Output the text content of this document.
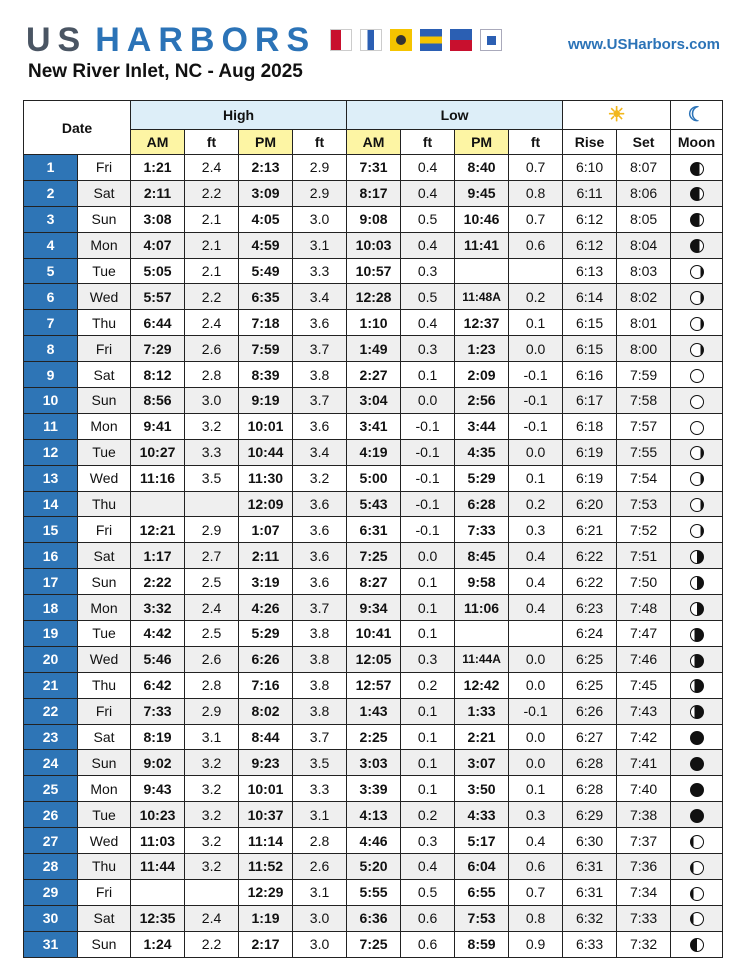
US HARBORS	www.USHarbors.com
New River Inlet, NC - Aug 2025
Date		High				Low				☀		☾
		AM	ft	PM	ft	AM	ft	PM	ft	Rise	Set	Moon
1	Fri	1:21	2.4	2:13	2.9	7:31	0.4	8:40	0.7	6:10	8:07	
2	Sat	2:11	2.2	3:09	2.9	8:17	0.4	9:45	0.8	6:11	8:06	
3	Sun	3:08	2.1	4:05	3.0	9:08	0.5	10:46	0.7	6:12	8:05	
4	Mon	4:07	2.1	4:59	3.1	10:03	0.4	11:41	0.6	6:12	8:04	
5	Tue	5:05	2.1	5:49	3.3	10:57	0.3			6:13	8:03	
6	Wed	5:57	2.2	6:35	3.4	12:28	0.5	11:48A	0.2	6:14	8:02	
7	Thu	6:44	2.4	7:18	3.6	1:10	0.4	12:37	0.1	6:15	8:01	
8	Fri	7:29	2.6	7:59	3.7	1:49	0.3	1:23	0.0	6:15	8:00	
9	Sat	8:12	2.8	8:39	3.8	2:27	0.1	2:09	-0.1	6:16	7:59	
10	Sun	8:56	3.0	9:19	3.7	3:04	0.0	2:56	-0.1	6:17	7:58	
11	Mon	9:41	3.2	10:01	3.6	3:41	-0.1	3:44	-0.1	6:18	7:57	
12	Tue	10:27	3.3	10:44	3.4	4:19	-0.1	4:35	0.0	6:19	7:55	
13	Wed	11:16	3.5	11:30	3.2	5:00	-0.1	5:29	0.1	6:19	7:54	
14	Thu			12:09	3.6	5:43	-0.1	6:28	0.2	6:20	7:53	
15	Fri	12:21	2.9	1:07	3.6	6:31	-0.1	7:33	0.3	6:21	7:52	
16	Sat	1:17	2.7	2:11	3.6	7:25	0.0	8:45	0.4	6:22	7:51	
17	Sun	2:22	2.5	3:19	3.6	8:27	0.1	9:58	0.4	6:22	7:50	
18	Mon	3:32	2.4	4:26	3.7	9:34	0.1	11:06	0.4	6:23	7:48	
19	Tue	4:42	2.5	5:29	3.8	10:41	0.1			6:24	7:47	
20	Wed	5:46	2.6	6:26	3.8	12:05	0.3	11:44A	0.0	6:25	7:46	
21	Thu	6:42	2.8	7:16	3.8	12:57	0.2	12:42	0.0	6:25	7:45	
22	Fri	7:33	2.9	8:02	3.8	1:43	0.1	1:33	-0.1	6:26	7:43	
23	Sat	8:19	3.1	8:44	3.7	2:25	0.1	2:21	0.0	6:27	7:42	
24	Sun	9:02	3.2	9:23	3.5	3:03	0.1	3:07	0.0	6:28	7:41	
25	Mon	9:43	3.2	10:01	3.3	3:39	0.1	3:50	0.1	6:28	7:40	
26	Tue	10:23	3.2	10:37	3.1	4:13	0.2	4:33	0.3	6:29	7:38	
27	Wed	11:03	3.2	11:14	2.8	4:46	0.3	5:17	0.4	6:30	7:37	
28	Thu	11:44	3.2	11:52	2.6	5:20	0.4	6:04	0.6	6:31	7:36	
29	Fri			12:29	3.1	5:55	0.5	6:55	0.7	6:31	7:34	
30	Sat	12:35	2.4	1:19	3.0	6:36	0.6	7:53	0.8	6:32	7:33	
31	Sun	1:24	2.2	2:17	3.0	7:25	0.6	8:59	0.9	6:33	7:32	
